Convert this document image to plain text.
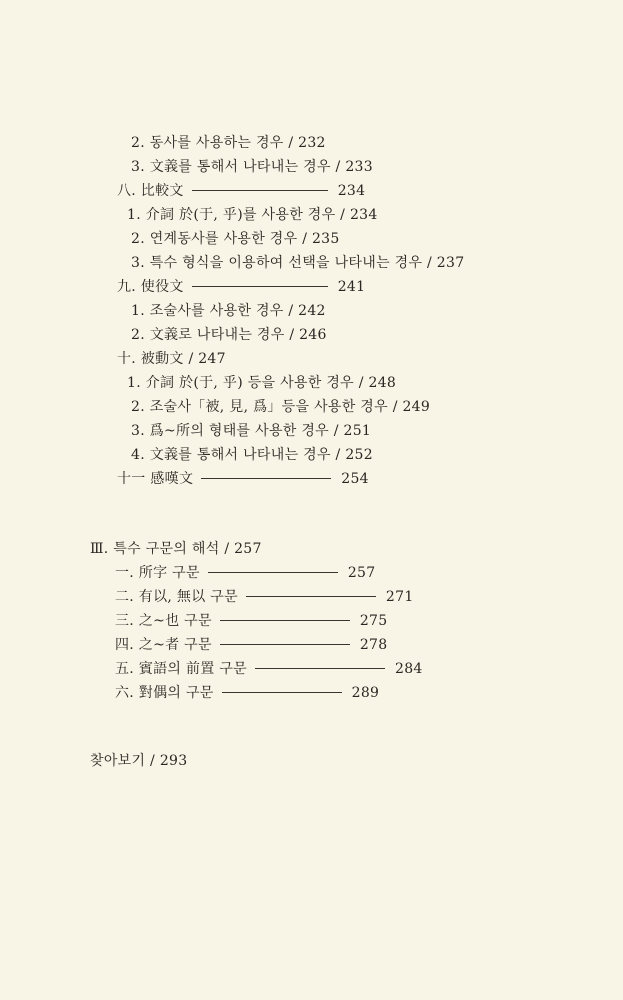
2. 동사를 사용하는 경우 / 232
3. 文義를 통해서 나타내는 경우 / 233
八. 比較文	234
1. 介詞 於(于, 乎)를 사용한 경우 / 234
2. 연계동사를 사용한 경우 / 235
3. 특수 형식을 이용하여 선택을 나타내는 경우 / 237
九. 使役文	241
1. 조술사를 사용한 경우 / 242
2. 文義로 나타내는 경우 / 246
十. 被動文 / 247
1. 介詞 於(于, 乎) 등을 사용한 경우 / 248
2. 조술사「被, 見, 爲」등을 사용한 경우 / 249
3. 爲~所의 형태를 사용한 경우 / 251
4. 文義를 통해서 나타내는 경우 / 252
十一 感嘆文	254
Ⅲ. 특수 구문의 해석 / 257
一. 所字 구문	257
二. 有以, 無以 구문	271
三. 之~也 구문	275
四. 之~者 구문	278
五. 賓語의 前置 구문	284
六. 對偶의 구문	289
찾아보기 / 293
